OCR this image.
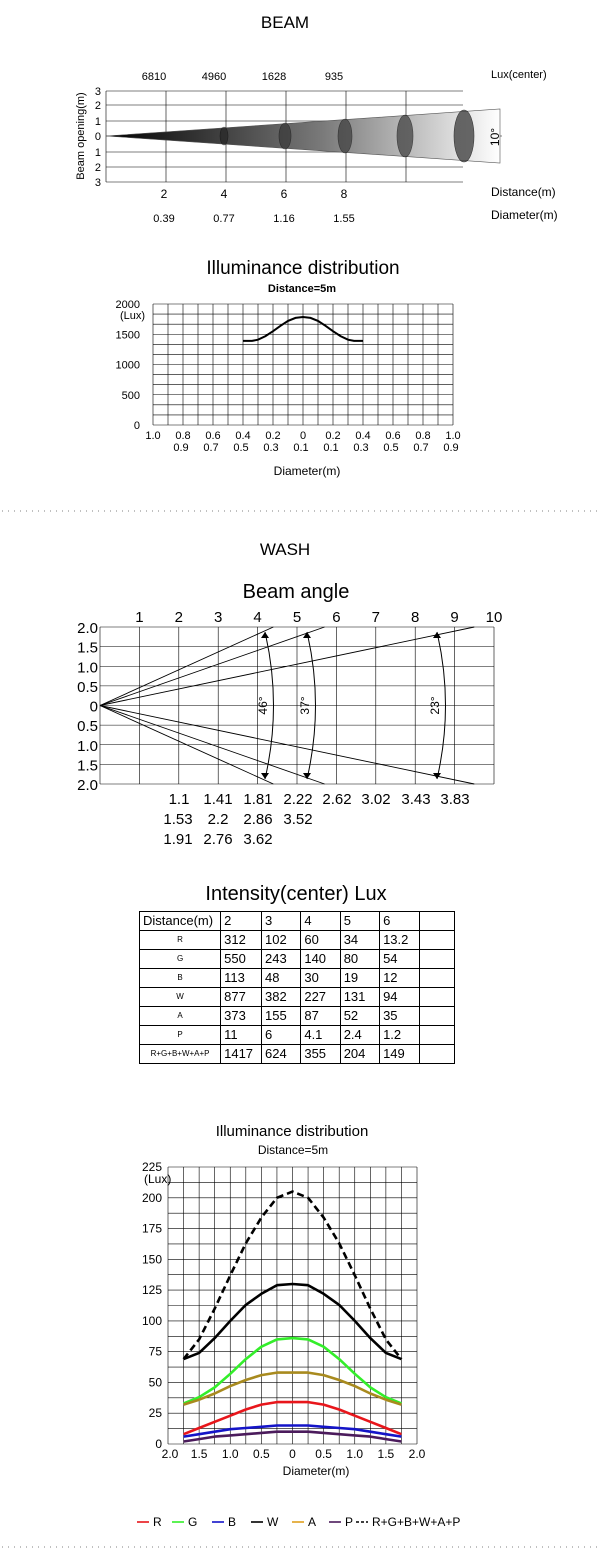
BEAM
Lux(center)
6810	4960	1628	935
Beam opening(m)
3
2
1
0
1
2
3
10°
2	4	6	8
0.39	0.77	1.16	1.55
Distance(m)
Diameter(m)
Illuminance distribution
Distance=5m
(Lux)
2000
1500
1000
500
0
1.0 0.8 0.6 0.4 0.2 0 0.2 0.4 0.6 0.8 1.0
0.9 0.7 0.5 0.3 0.1 0.1 0.3 0.5 0.7 0.9
Diameter(m)
WASH
Beam angle
1 2 3 4 5 6 7 8 9 10
2.0
1.5
1.0
0.5
0
0.5
1.0
1.5
2.0
46° 37°	23°
1.1 1.41 1.81 2.22 2.62 3.02 3.43 3.83
1.53 2.2 2.86 3.52
1.91 2.76 3.62
Intensity(center) Lux
Illuminance distribution
Distance=5m
(Lux)
225
200
175
150
125
100
75
50
25
0
2.0 1.5 1.0 0.5 0 0.5 1.0 1.5 2.0
Diameter(m)
R G	B	W A P R+G+B+W+A+P
Distance(m)	2	3	4	5	6	
R	312	102	60	34	13.2	
G	550	243	140	80	54	
B	113	48	30	19	12	
W	877	382	227	131	94	
A	373	155	87	52	35	
P	11	6	4.1	2.4	1.2	
R+G+B+W+A+P	1417	624	355	204	149	
